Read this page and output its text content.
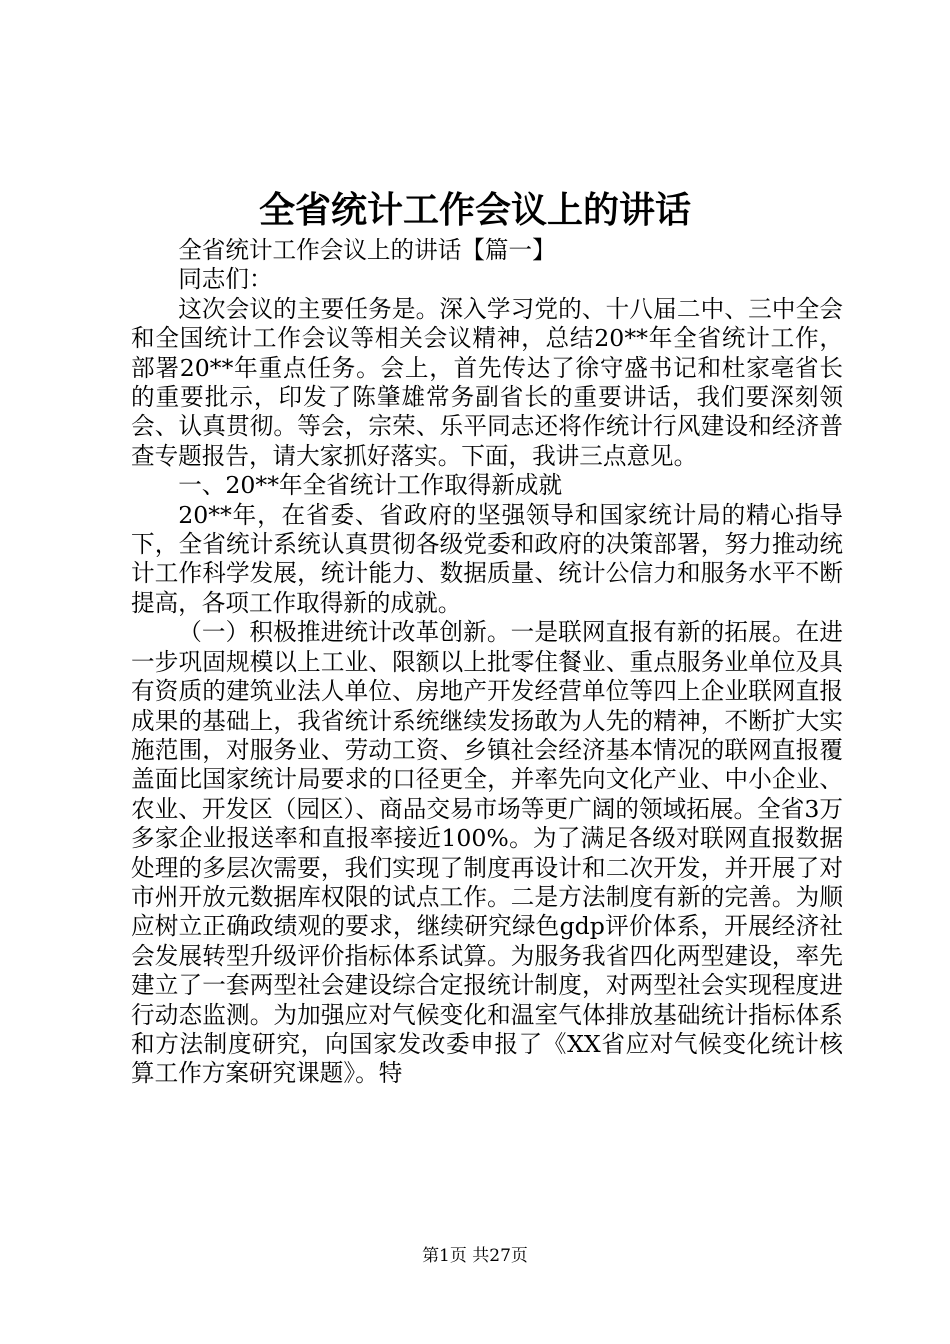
全省统计工作会议上的讲话

全省统计工作会议上的讲话【篇一】

同志们：

这次会议的主要任务是。深入学习党的、十八届二中、三中全会和全国统计工作会议等相关会议精神，总结20**年全省统计工作，部署20**年重点任务。会上，首先传达了徐守盛书记和杜家亳省长的重要批示，印发了陈肇雄常务副省长的重要讲话，我们要深刻领会、认真贯彻。等会，宗荣、乐平同志还将作统计行风建设和经济普查专题报告，请大家抓好落实。下面，我讲三点意见。

一、20**年全省统计工作取得新成就

20**年，在省委、省政府的坚强领导和国家统计局的精心指导下，全省统计系统认真贯彻各级党委和政府的决策部署，努力推动统计工作科学发展，统计能力、数据质量、统计公信力和服务水平不断提高，各项工作取得新的成就。

（一）积极推进统计改革创新。一是联网直报有新的拓展。在进一步巩固规模以上工业、限额以上批零住餐业、重点服务业单位及具有资质的建筑业法人单位、房地产开发经营单位等四上企业联网直报成果的基础上，我省统计系统继续发扬敢为人先的精神，不断扩大实施范围，对服务业、劳动工资、乡镇社会经济基本情况的联网直报覆盖面比国家统计局要求的口径更全，并率先向文化产业、中小企业、农业、开发区（园区）、商品交易市场等更广阔的领域拓展。全省3万多家企业报送率和直报率接近100%。为了满足各级对联网直报数据处理的多层次需要，我们实现了制度再设计和二次开发，并开展了对市州开放元数据库权限的试点工作。二是方法制度有新的完善。为顺应树立正确政绩观的要求，继续研究绿色gdp评价体系，开展经济社会发展转型升级评价指标体系试算。为服务我省四化两型建设，率先建立了一套两型社会建设综合定报统计制度，对两型社会实现程度进行动态监测。为加强应对气候变化和温室气体排放基础统计指标体系和方法制度研究，向国家发改委申报了《XX省应对气候变化统计核算工作方案研究课题》。特

第1页 共27页
